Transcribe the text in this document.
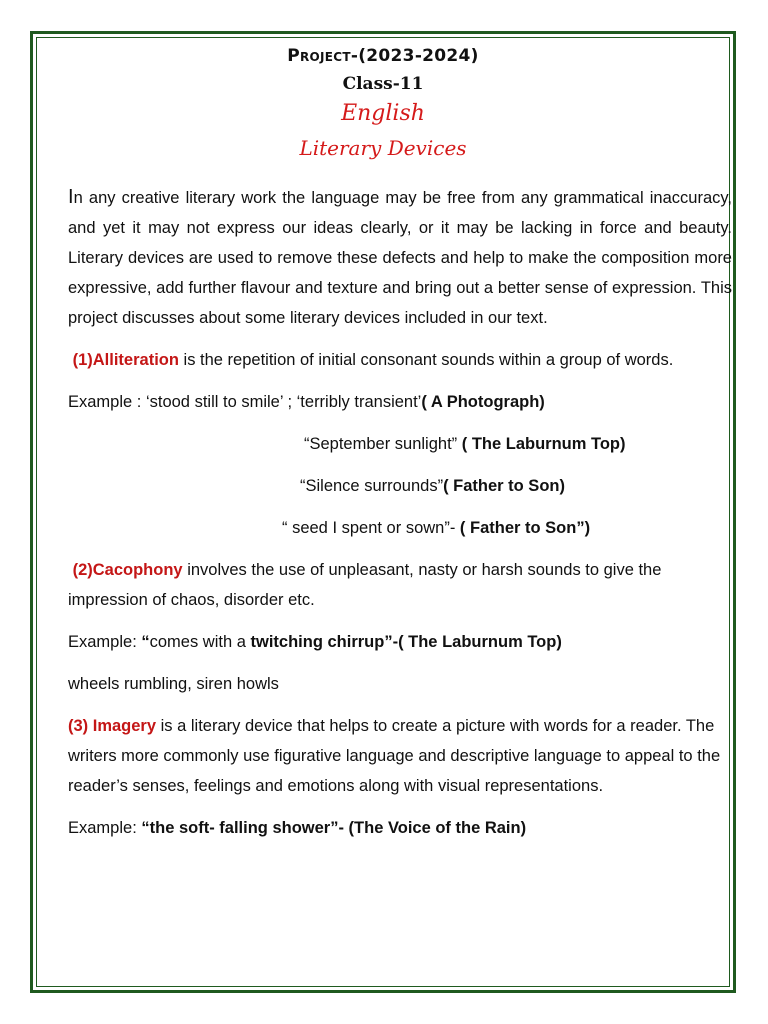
Project-(2023-2024)
Class-11
English
Literary Devices

In any creative literary work the language may be free from any grammatical inaccuracy, and yet it may not express our ideas clearly, or it may be lacking in force and beauty. Literary devices are used to remove these defects and help to make the composition more expressive, add further flavour and texture and bring out a better sense of expression. This project discusses about some literary devices included in our text.

(1)Alliteration is the repetition of initial consonant sounds within a group of words.

Example : ‘stood still to smile’ ; ‘terribly transient’( A Photograph)

“September sunlight” ( The Laburnum Top)

“Silence surrounds”( Father to Son)

“ seed I spent or sown”- ( Father to Son”)

(2)Cacophony involves the use of unpleasant, nasty or harsh sounds to give the impression of chaos, disorder etc.

Example: “comes with a twitching chirrup”-( The Laburnum Top)

wheels rumbling, siren howls

(3) Imagery is a literary device that helps to create a picture with words for a reader. The writers more commonly use figurative language and descriptive language to appeal to the reader’s senses, feelings and emotions along with visual representations.

Example: “the soft- falling shower”- (The Voice of the Rain)
